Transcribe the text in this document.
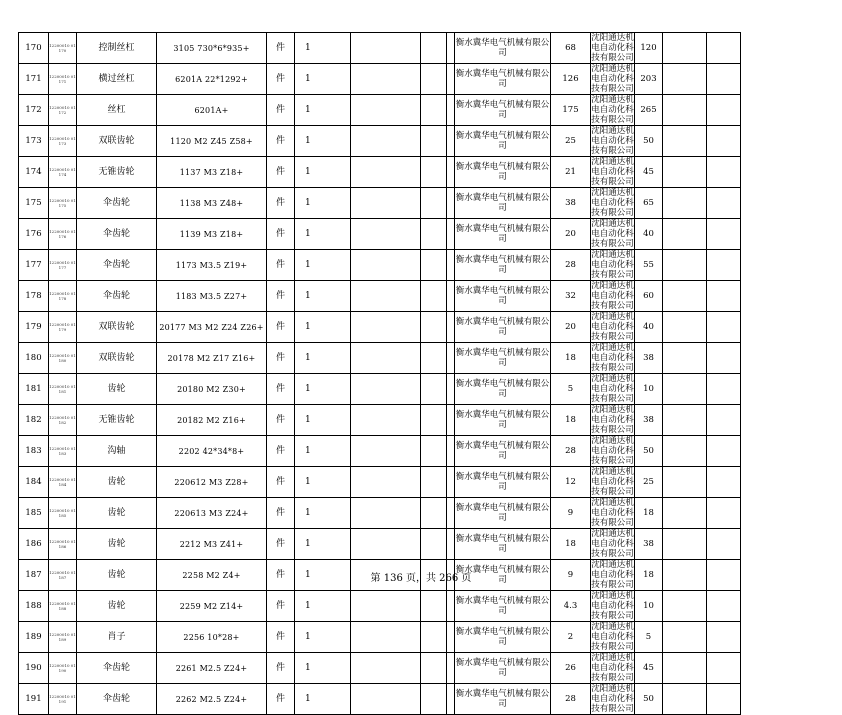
170	12200010 01170	控制丝杠	3105 730*6*935+	件	1				衡水冀华电气机械有限公司	68	沈阳通达机电自动化科技有限公司	120		
171	12200010 01171	横过丝杠	6201A 22*1292+	件	1				衡水冀华电气机械有限公司	126	沈阳通达机电自动化科技有限公司	203		
172	12200010 01172	丝杠	6201A+	件	1				衡水冀华电气机械有限公司	175	沈阳通达机电自动化科技有限公司	265		
173	12200010 01173	双联齿轮	1120 M2 Z45 Z58+	件	1				衡水冀华电气机械有限公司	25	沈阳通达机电自动化科技有限公司	50		
174	12200010 01174	无锥齿轮	1137 M3 Z18+	件	1				衡水冀华电气机械有限公司	21	沈阳通达机电自动化科技有限公司	45		
175	12200010 01175	伞齿轮	1138 M3 Z48+	件	1				衡水冀华电气机械有限公司	38	沈阳通达机电自动化科技有限公司	65		
176	12200010 01176	伞齿轮	1139 M3 Z18+	件	1				衡水冀华电气机械有限公司	20	沈阳通达机电自动化科技有限公司	40		
177	12200010 01177	伞齿轮	1173 M3.5 Z19+	件	1				衡水冀华电气机械有限公司	28	沈阳通达机电自动化科技有限公司	55		
178	12200010 01178	伞齿轮	1183 M3.5 Z27+	件	1				衡水冀华电气机械有限公司	32	沈阳通达机电自动化科技有限公司	60		
179	12200010 01179	双联齿轮	20177 M3 M2 Z24 Z26+	件	1				衡水冀华电气机械有限公司	20	沈阳通达机电自动化科技有限公司	40		
180	12200010 01180	双联齿轮	20178 M2 Z17 Z16+	件	1				衡水冀华电气机械有限公司	18	沈阳通达机电自动化科技有限公司	38		
181	12200010 01181	齿轮	20180 M2 Z30+	件	1				衡水冀华电气机械有限公司	5	沈阳通达机电自动化科技有限公司	10		
182	12200010 01182	无锥齿轮	20182 M2 Z16+	件	1				衡水冀华电气机械有限公司	18	沈阳通达机电自动化科技有限公司	38		
183	12200010 01183	沟轴	2202 42*34*8+	件	1				衡水冀华电气机械有限公司	28	沈阳通达机电自动化科技有限公司	50		
184	12200010 01184	齿轮	220612 M3 Z28+	件	1				衡水冀华电气机械有限公司	12	沈阳通达机电自动化科技有限公司	25		
185	12200010 01185	齿轮	220613 M3 Z24+	件	1				衡水冀华电气机械有限公司	9	沈阳通达机电自动化科技有限公司	18		
186	12200010 01186	齿轮	2212 M3 Z41+	件	1				衡水冀华电气机械有限公司	18	沈阳通达机电自动化科技有限公司	38		
187	12200010 01187	齿轮	2258 M2 Z4+	件	1				衡水冀华电气机械有限公司	9	沈阳通达机电自动化科技有限公司	18		
188	12200010 01188	齿轮	2259 M2 Z14+	件	1				衡水冀华电气机械有限公司	4.3	沈阳通达机电自动化科技有限公司	10		
189	12200010 01189	肖子	2256 10*28+	件	1				衡水冀华电气机械有限公司	2	沈阳通达机电自动化科技有限公司	5		
190	12200010 01190	伞齿轮	2261 M2.5 Z24+	件	1				衡水冀华电气机械有限公司	26	沈阳通达机电自动化科技有限公司	45		
191	12200010 01191	伞齿轮	2262 M2.5 Z24+	件	1				衡水冀华电气机械有限公司	28	沈阳通达机电自动化科技有限公司	50		
第 136 页，共 266 页
